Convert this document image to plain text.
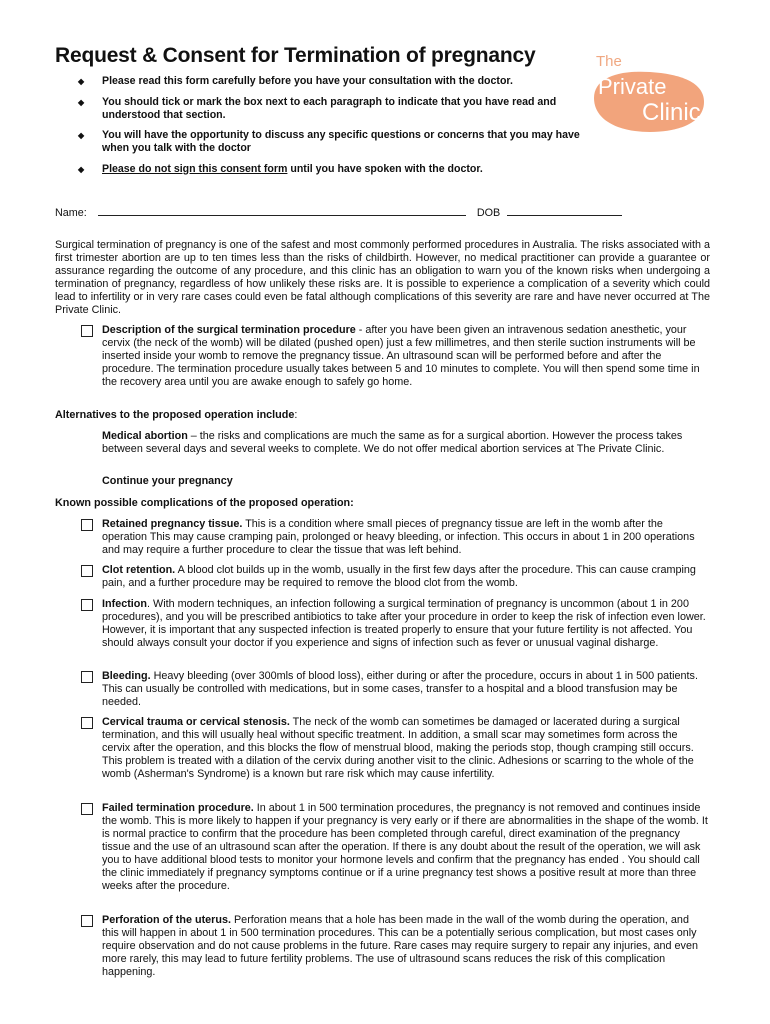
Request & Consent for Termination of pregnancy	The
Private
Clinic
◆ Please read this form carefully before you have your consultation with the doctor.
◆ You should tick or mark the box next to each paragraph to indicate that you have read and understood that section.
◆ You will have the opportunity to discuss any specific questions or concerns that you may have when you talk with the doctor
◆ Please do not sign this consent form until you have spoken with the doctor.
Name:	DOB
Surgical termination of pregnancy is one of the safest and most commonly performed procedures in Australia. The risks associated with a first trimester abortion are up to ten times less than the risks of childbirth. However, no medical practitioner can provide a guarantee or assurance regarding the outcome of any procedure, and this clinic has an obligation to warn you of the known risks when undergoing a termination of pregnancy, regardless of how unlikely these risks are. It is possible to experience a complication of a severity which could lead to infertility or in very rare cases could even be fatal although complications of this severity are rare and have never occurred at The Private Clinic.
Description of the surgical termination procedure - after you have been given an intravenous sedation anesthetic, your cervix (the neck of the womb) will be dilated (pushed open) just a few millimetres, and then sterile suction instruments will be inserted inside your womb to remove the pregnancy tissue. An ultrasound scan will be performed before and after the procedure. The termination procedure usually takes between 5 and 10 minutes to complete. You will then spend some time in the recovery area until you are awake enough to safely go home.
Alternatives to the proposed operation include:
Medical abortion – the risks and complications are much the same as for a surgical abortion. However the process takes between several days and several weeks to complete. We do not offer medical abortion services at The Private Clinic.
Continue your pregnancy
Known possible complications of the proposed operation:
Retained pregnancy tissue. This is a condition where small pieces of pregnancy tissue are left in the womb after the operation This may cause cramping pain, prolonged or heavy bleeding, or infection. This occurs in about 1 in 200 operations and may require a further procedure to clear the tissue that was left behind.
Clot retention. A blood clot builds up in the womb, usually in the first few days after the procedure. This can cause cramping pain, and a further procedure may be required to remove the blood clot from the womb.
Infection. With modern techniques, an infection following a surgical termination of pregnancy is uncommon (about 1 in 200 procedures), and you will be prescribed antibiotics to take after your procedure in order to keep the risk of infection even lower. However, it is important that any suspected infection is treated properly to ensure that your future fertility is not affected. You should always consult your doctor if you experience and signs of infection such as fever or unusual vaginal disharge.
Bleeding. Heavy bleeding (over 300mls of blood loss), either during or after the procedure, occurs in about 1 in 500 patients. This can usually be controlled with medications, but in some cases, transfer to a hospital and a blood transfusion may be needed.
Cervical trauma or cervical stenosis. The neck of the womb can sometimes be damaged or lacerated during a surgical termination, and this will usually heal without specific treatment. In addition, a small scar may sometimes form across the cervix after the operation, and this blocks the flow of menstrual blood, making the periods stop, though cramping still occurs. This problem is treated with a dilation of the cervix during another visit to the clinic. Adhesions or scarring to the whole of the womb (Asherman's Syndrome) is a known but rare risk which may cause infertility.
Failed termination procedure. In about 1 in 500 termination procedures, the pregnancy is not removed and continues inside the womb. This is more likely to happen if your pregnancy is very early or if there are abnormalities in the shape of the womb. It is normal practice to confirm that the procedure has been completed through careful, direct examination of the pregnancy tissue and the use of an ultrasound scan after the operation. If there is any doubt about the result of the operation, we will ask you to have additional blood tests to monitor your hormone levels and confirm that the pregnancy has ended . You should call the clinic immediately if pregnancy symptoms continue or if a urine pregnancy test shows a positive result at more than three weeks after the procedure.
Perforation of the uterus. Perforation means that a hole has been made in the wall of the womb during the operation, and this will happen in about 1 in 500 termination procedures. This can be a potentially serious complication, but most cases only require observation and do not cause problems in the future. Rare cases may require surgery to repair any injuries, and even more rarely, this may lead to future fertility problems. The use of ultrasound scans reduces the risk of this complication happening.
